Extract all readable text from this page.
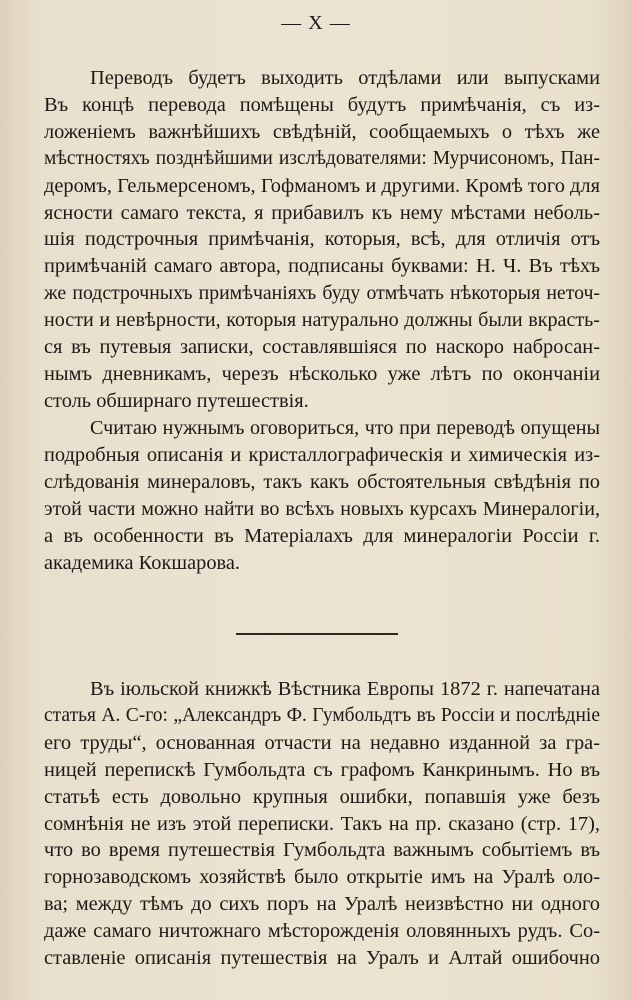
— X —
Переводъ будетъ выходить отдѣлами или выпусками
Въ концѣ перевода помѣщены будутъ примѣчанія, съ из-
ложеніемъ важнѣйшихъ свѣдѣній, сообщаемыхъ о тѣхъ же
мѣстностяхъ позднѣйшими изслѣдователями: Мурчисономъ, Пан-
деромъ, Гельмерсеномъ, Гофманомъ и другими. Кромѣ того для
ясности самаго текста, я прибавилъ къ нему мѣстами неболь-
шія подстрочныя примѣчанія, которыя, всѣ, для отличія отъ
примѣчаній самаго автора, подписаны буквами: Н. Ч. Въ тѣхъ
же подстрочныхъ примѣчаніяхъ буду отмѣчать нѣкоторыя неточ-
ности и невѣрности, которыя натурально должны были вкрасть-
ся въ путевыя записки, составлявшіяся по наскоро набросан-
нымъ дневникамъ, черезъ нѣсколько уже лѣтъ по окончаніи
столь обширнаго путешествія.
Считаю нужнымъ оговориться, что при переводѣ опущены
подробныя описанія и кристаллографическія и химическія из-
слѣдованія минераловъ, такъ какъ обстоятельныя свѣдѣнія по
этой части можно найти во всѣхъ новыхъ курсахъ Минералогіи,
а въ особенности въ Матеріалахъ для минералогіи Россіи г.
академика Кокшарова.
Въ іюльской книжкѣ Вѣстника Европы 1872 г. напечатана
статья А. С-го: „Александръ Ф. Гумбольдтъ въ Россіи и послѣдніе
его труды“, основанная отчасти на недавно изданной за гра-
ницей перепискѣ Гумбольдта съ графомъ Канкринымъ. Но въ
статьѣ есть довольно крупныя ошибки, попавшія уже безъ
сомнѣнія не изъ этой переписки. Такъ на пр. сказано (стр. 17),
что во время путешествія Гумбольдта важнымъ событіемъ въ
горнозаводскомъ хозяйствѣ было открытіе имъ на Уралѣ оло-
ва; между тѣмъ до сихъ поръ на Уралѣ неизвѣстно ни одного
даже самаго ничтожнаго мѣсторожденія оловянныхъ рудъ. Со-
ставленіе описанія путешествія на Уралъ и Алтай ошибочно
